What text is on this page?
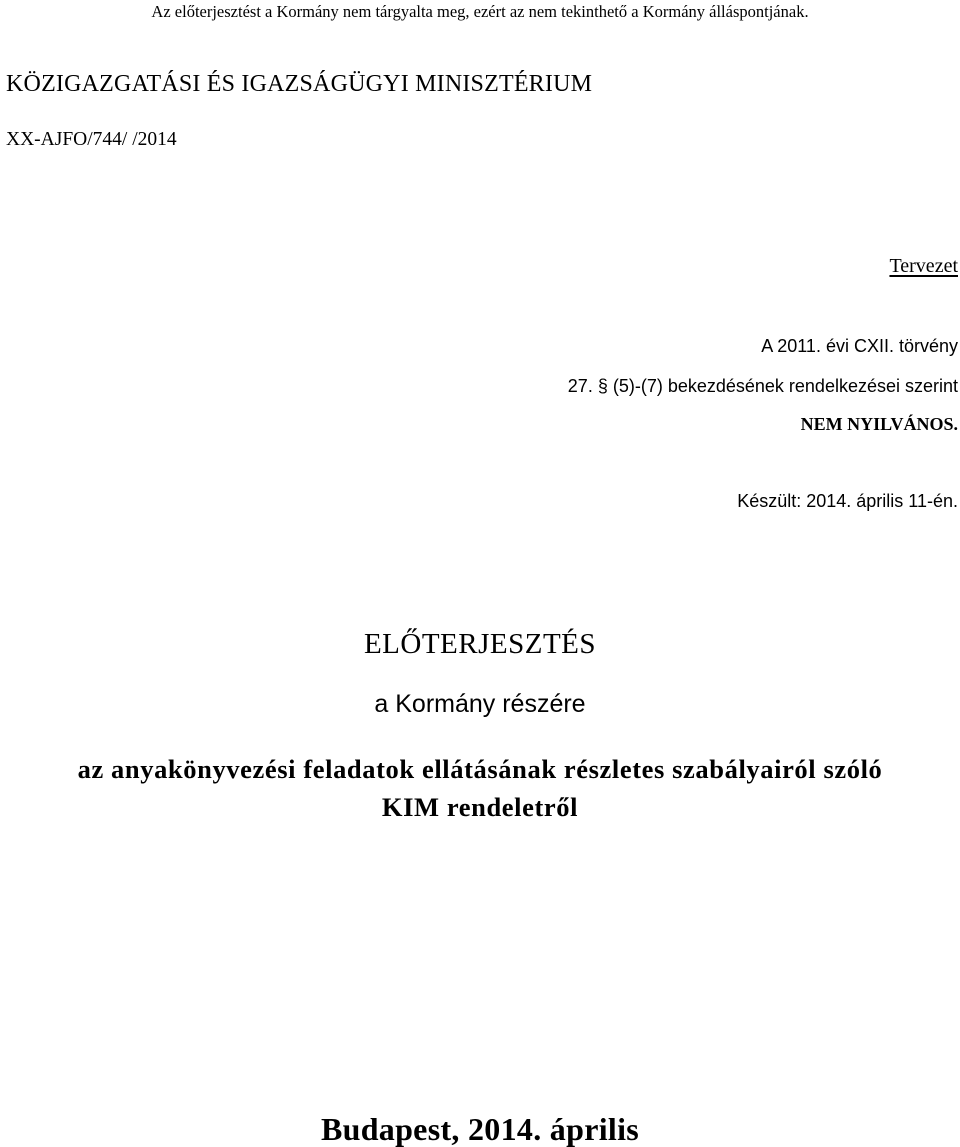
Az előterjesztést a Kormány nem tárgyalta meg, ezért az nem tekinthető a Kormány álláspontjának.
KÖZIGAZGATÁSI ÉS IGAZSÁGÜGYI MINISZTÉRIUM
XX-AJFO/744/ /2014
Tervezet
A 2011. évi CXII. törvény
27. § (5)-(7) bekezdésének rendelkezései szerint
NEM NYILVÁNOS.
Készült: 2014. április 11-én.
ELŐTERJESZTÉS
a Kormány részére
az anyakönyvezési feladatok ellátásának részletes szabályairól szóló
KIM rendeletről
Budapest, 2014. április
